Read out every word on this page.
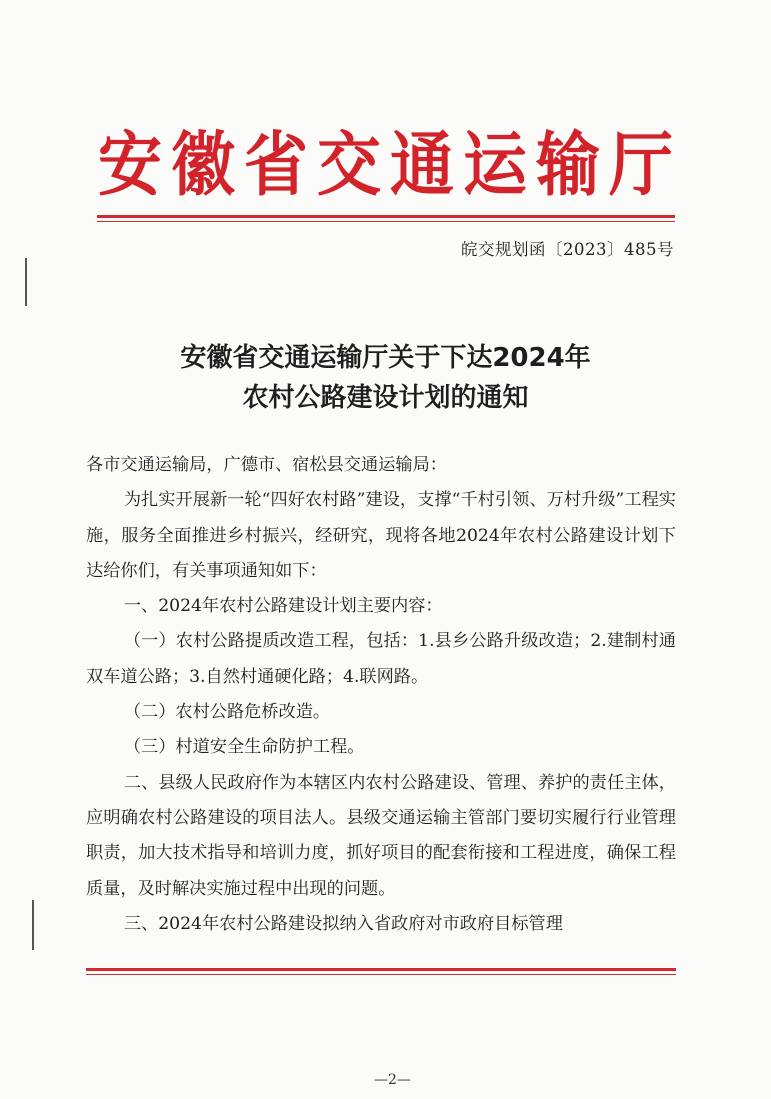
安徽省交通运输厅
皖交规划函〔2023〕485号
安徽省交通运输厅关于下达2024年
农村公路建设计划的通知

各市交通运输局，广德市、宿松县交通运输局：

为扎实开展新一轮“四好农村路”建设，支撑“千村引领、万村升级”工程实施，服务全面推进乡村振兴，经研究，现将各地2024年农村公路建设计划下达给你们，有关事项通知如下：

一、2024年农村公路建设计划主要内容：

（一）农村公路提质改造工程，包括：1.县乡公路升级改造；2.建制村通双车道公路；3.自然村通硬化路；4.联网路。

（二）农村公路危桥改造。

（三）村道安全生命防护工程。

二、县级人民政府作为本辖区内农村公路建设、管理、养护的责任主体，应明确农村公路建设的项目法人。县级交通运输主管部门要切实履行行业管理职责，加大技术指导和培训力度，抓好项目的配套衔接和工程进度，确保工程质量，及时解决实施过程中出现的问题。

三、2024年农村公路建设拟纳入省政府对市政府目标管理

—2—
